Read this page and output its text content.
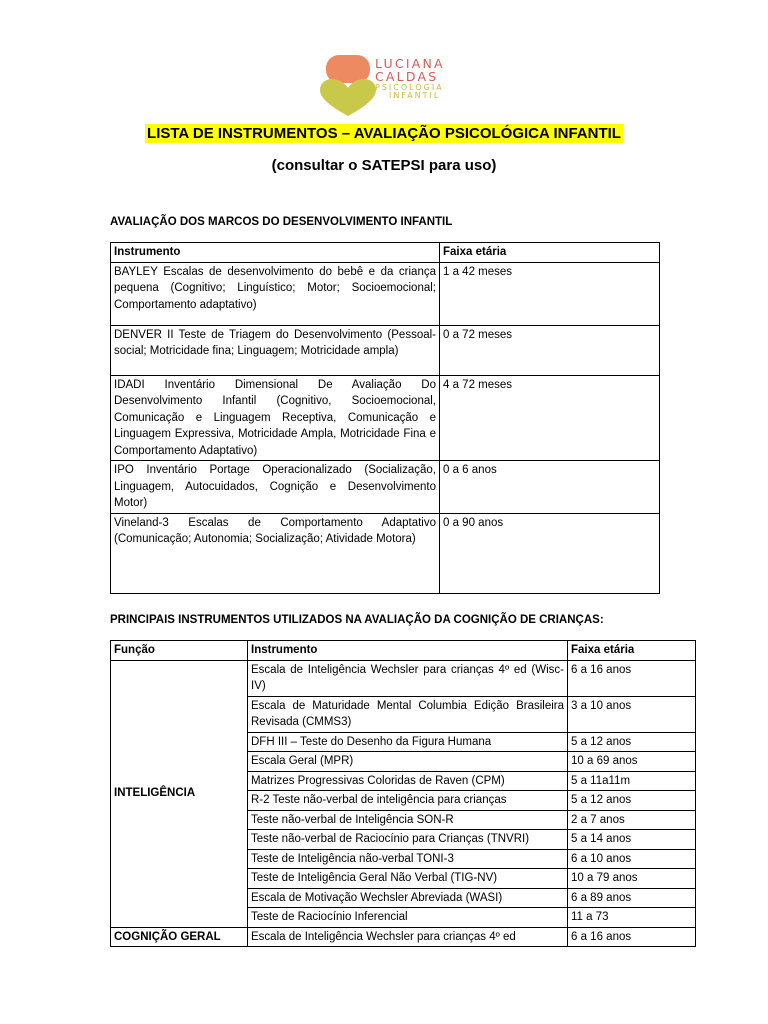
LUCIANA
CALDAS
PSICOLOGIA
INFANTIL
LISTA DE INSTRUMENTOS – AVALIAÇÃO PSICOLÓGICA INFANTIL
(consultar o SATEPSI para uso)
AVALIAÇÃO DOS MARCOS DO DESENVOLVIMENTO INFANTIL
Instrumento	Faixa etária
BAYLEY Escalas de desenvolvimento do bebê e da criança pequena (Cognitivo; Linguístico; Motor; Socioemocional; Comportamento adaptativo)	1 a 42 meses
DENVER II Teste de Triagem do Desenvolvimento (Pessoal-social; Motricidade fina; Linguagem; Motricidade ampla)	0 a 72 meses
IDADI Inventário Dimensional De Avaliação Do Desenvolvimento Infantil (Cognitivo, Socioemocional, Comunicação e Linguagem Receptiva, Comunicação e Linguagem Expressiva, Motricidade Ampla, Motricidade Fina e Comportamento Adaptativo)	4 a 72 meses
IPO Inventário Portage Operacionalizado (Socialização, Linguagem, Autocuidados, Cognição e Desenvolvimento Motor)	0 a 6 anos
Vineland-3 Escalas de Comportamento Adaptativo (Comunicação; Autonomia; Socialização; Atividade Motora)	0 a 90 anos
PRINCIPAIS INSTRUMENTOS UTILIZADOS NA AVALIAÇÃO DA COGNIÇÃO DE CRIANÇAS:
Função	Instrumento	Faixa etária
INTELIGÊNCIA	Escala de Inteligência Wechsler para crianças 4º ed (Wisc-IV)	6 a 16 anos
	Escala de Maturidade Mental Columbia Edição Brasileira Revisada (CMMS3)	3 a 10 anos
	DFH III – Teste do Desenho da Figura Humana	5 a 12 anos
	Escala Geral (MPR)	10 a 69 anos
	Matrizes Progressivas Coloridas de Raven (CPM)	5 a 11a11m
	R-2 Teste não-verbal de inteligência para crianças	5 a 12 anos
	Teste não-verbal de Inteligência SON-R	2 a 7 anos
	Teste não-verbal de Raciocínio para Crianças (TNVRI)	5 a 14 anos
	Teste de Inteligência não-verbal TONI-3	6 a 10 anos
	Teste de Inteligência Geral Não Verbal (TIG-NV)	10 a 79 anos
	Escala de Motivação Wechsler Abreviada (WASI)	6 a 89 anos
	Teste de Raciocínio Inferencial	11 a 73
COGNIÇÃO GERAL	Escala de Inteligência Wechsler para crianças 4º ed	6 a 16 anos
